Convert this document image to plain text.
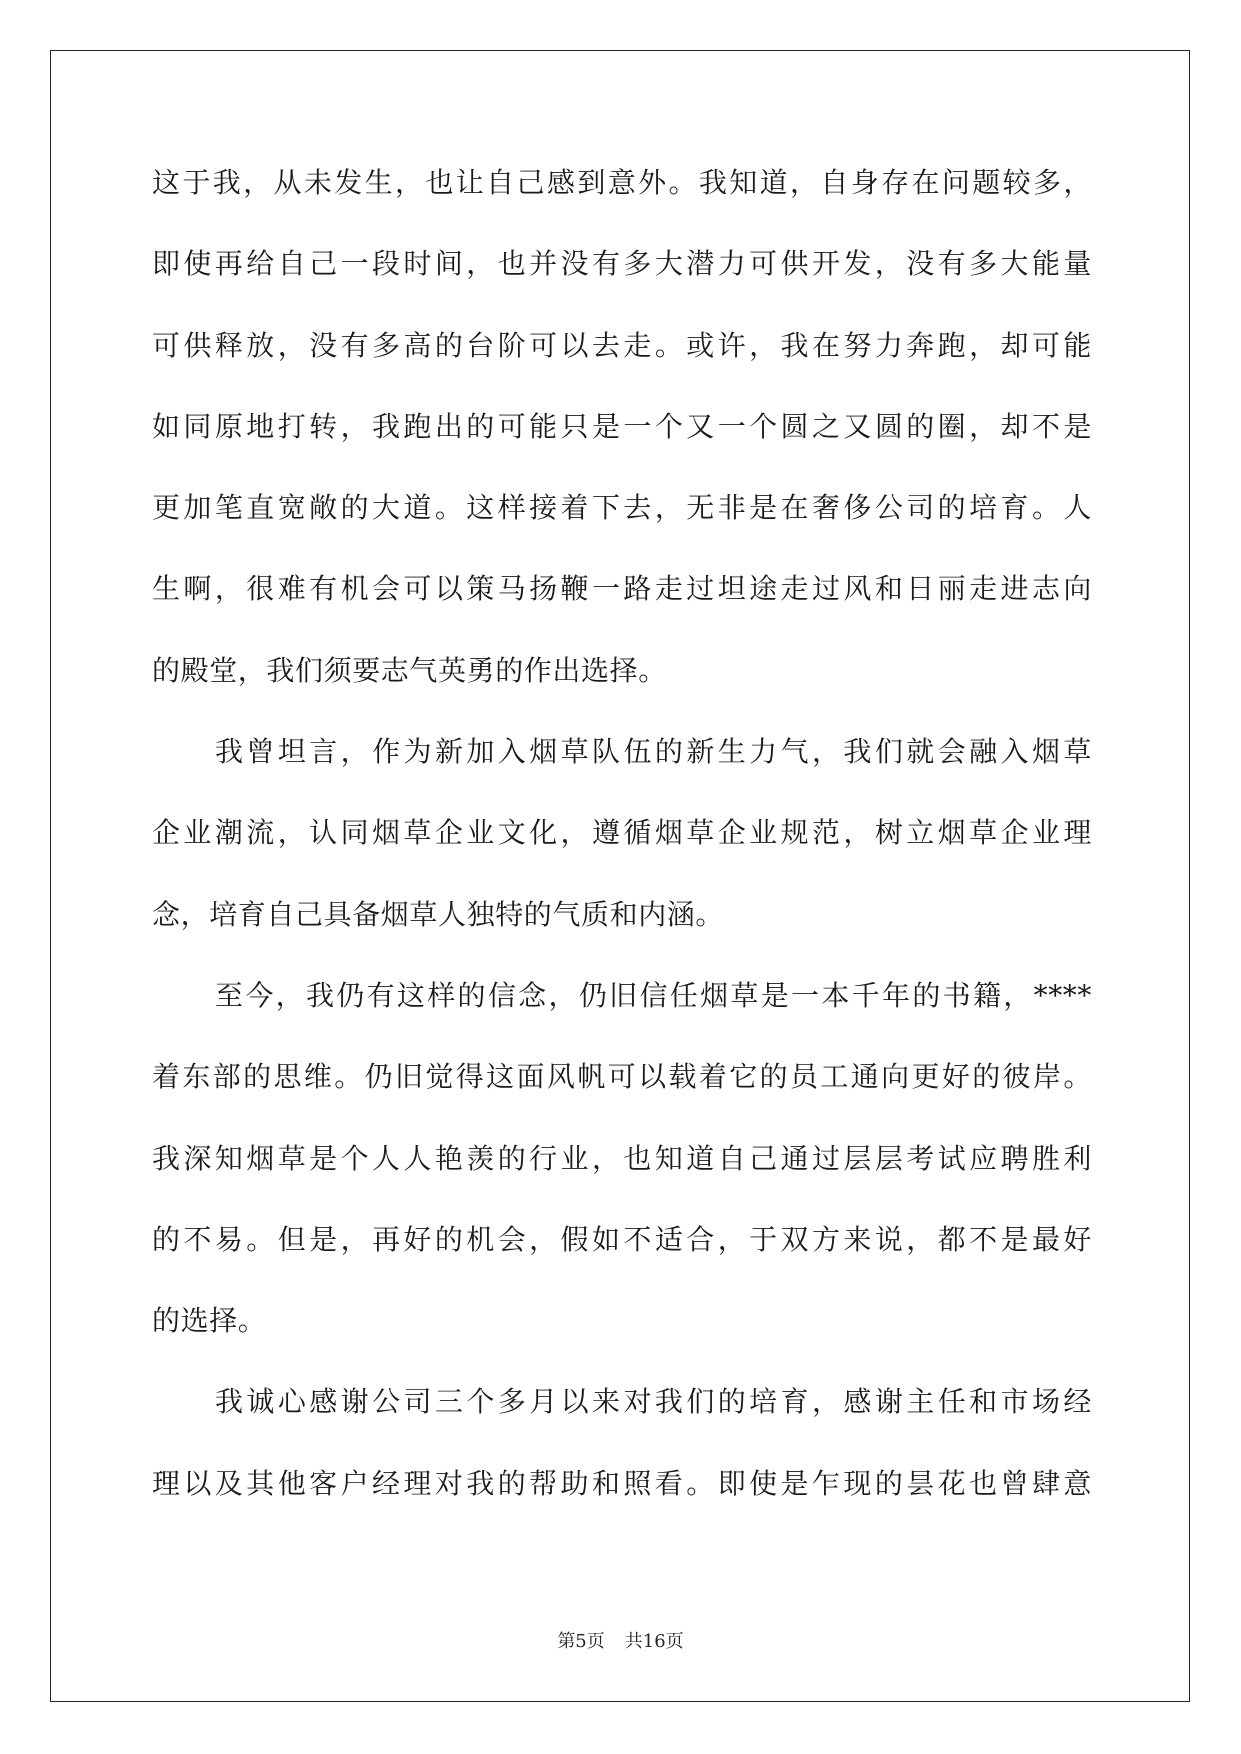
这于我，从未发生，也让自己感到意外。我知道，自身存在问题较多，
即使再给自己一段时间，也并没有多大潜力可供开发，没有多大能量
可供释放，没有多高的台阶可以去走。或许，我在努力奔跑，却可能
如同原地打转，我跑出的可能只是一个又一个圆之又圆的圈，却不是
更加笔直宽敞的大道。这样接着下去，无非是在奢侈公司的培育。人
生啊，很难有机会可以策马扬鞭一路走过坦途走过风和日丽走进志向
的殿堂，我们须要志气英勇的作出选择。
我曾坦言，作为新加入烟草队伍的新生力气，我们就会融入烟草
企业潮流，认同烟草企业文化，遵循烟草企业规范，树立烟草企业理
念，培育自己具备烟草人独特的气质和内涵。
至今，我仍有这样的信念，仍旧信任烟草是一本千年的书籍，****
着东部的思维。仍旧觉得这面风帆可以载着它的员工通向更好的彼岸。
我深知烟草是个人人艳羡的行业，也知道自己通过层层考试应聘胜利
的不易。但是，再好的机会，假如不适合，于双方来说，都不是最好
的选择。
我诚心感谢公司三个多月以来对我们的培育，感谢主任和市场经
理以及其他客户经理对我的帮助和照看。即使是乍现的昙花也曾肆意
第5页 共16页
